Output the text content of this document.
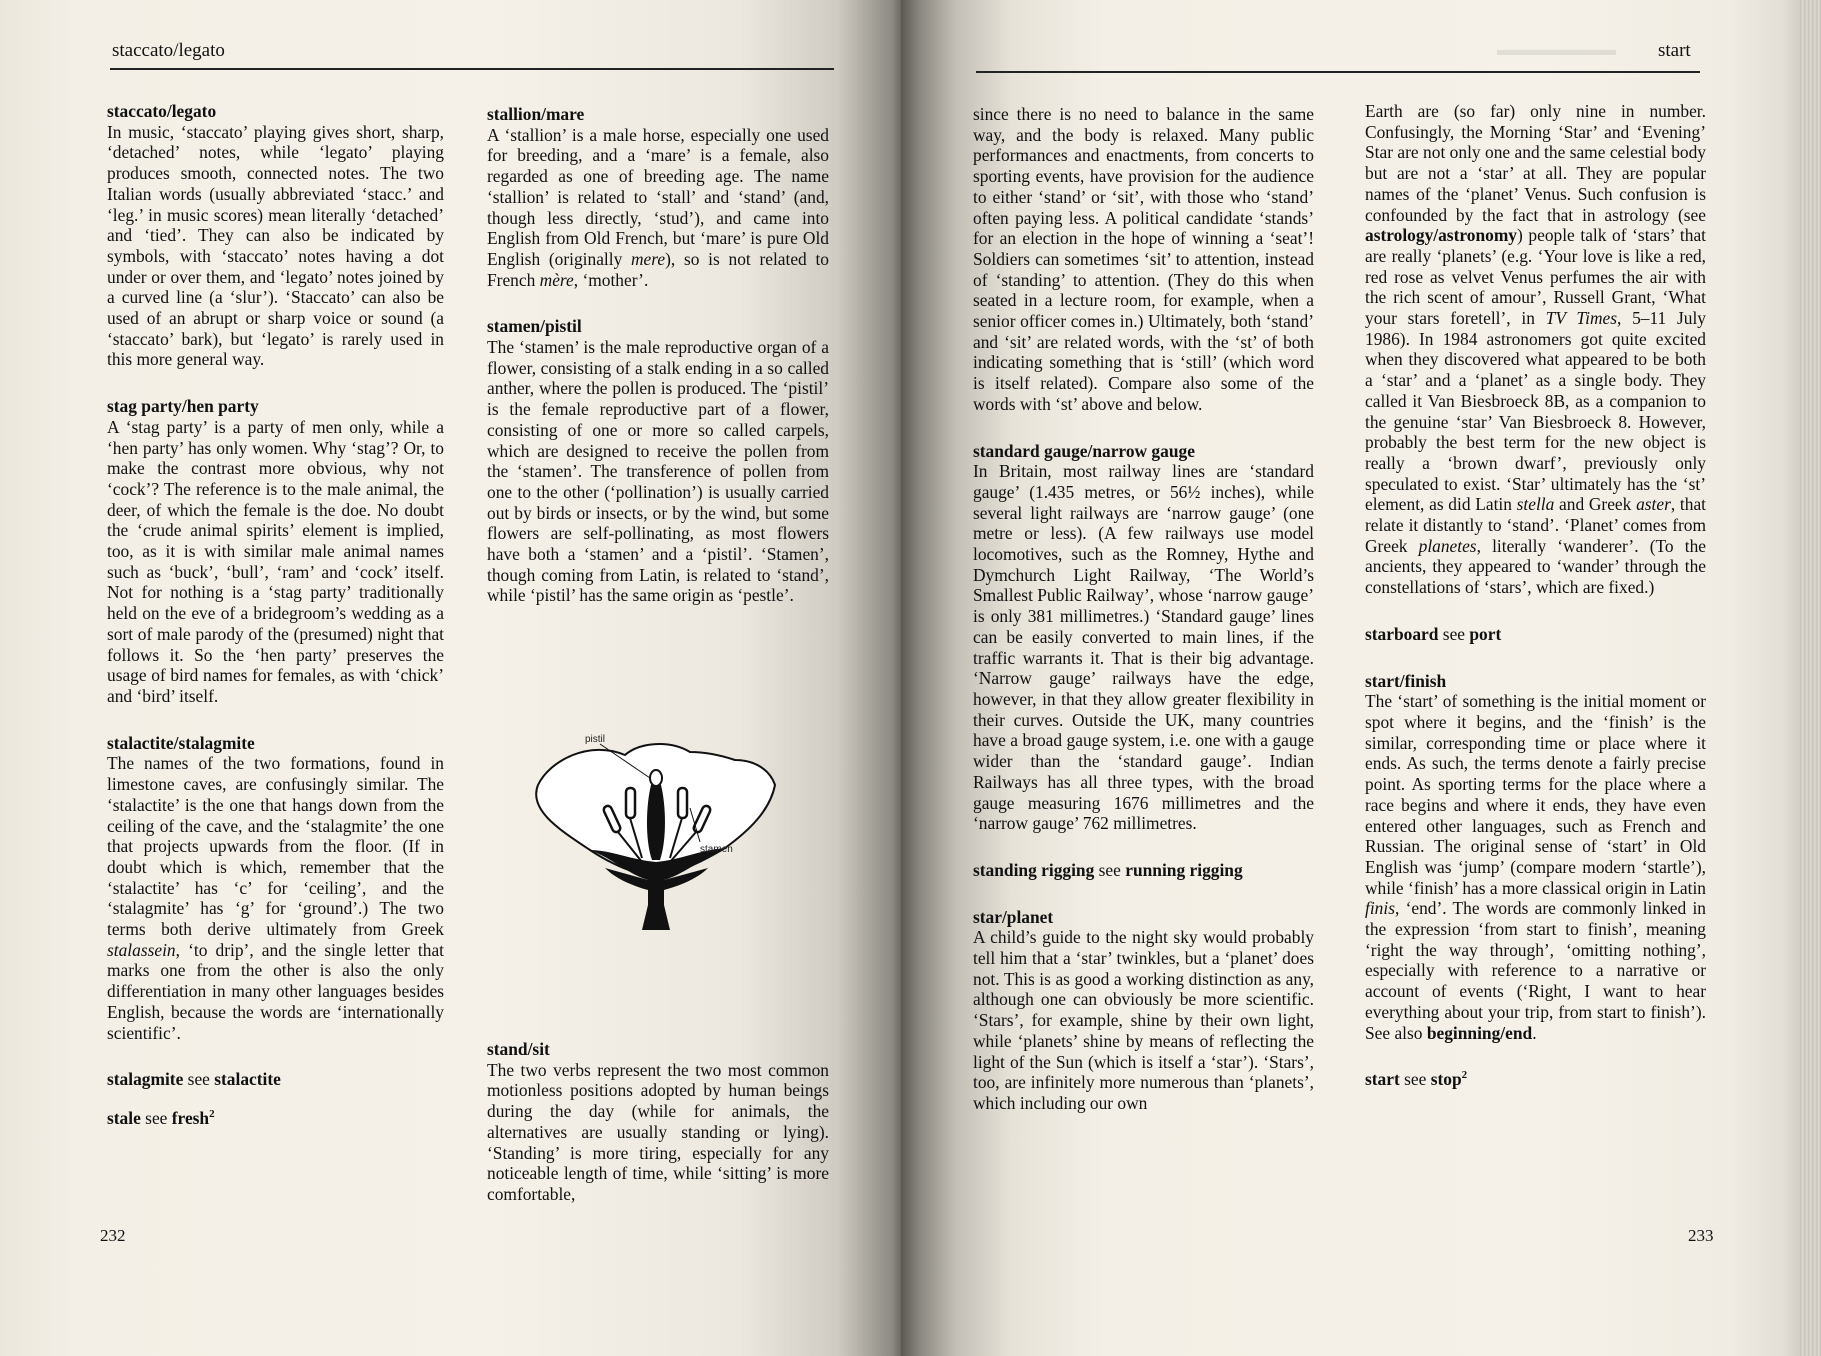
staccato/legato
staccato/legato
In music, ‘staccato’ playing gives short, sharp, ‘detached’ notes, while ‘legato’ playing produces smooth, connected notes. The two Italian words (usually abbreviated ‘stacc.’ and ‘leg.’ in music scores) mean literally ‘detached’ and ‘tied’. They can also be indicated by symbols, with ‘staccato’ notes having a dot under or over them, and ‘legato’ notes joined by a curved line (a ‘slur’). ‘Staccato’ can also be used of an abrupt or sharp voice or sound (a ‘staccato’ bark), but ‘legato’ is rarely used in this more general way.
stag party/hen party
A ‘stag party’ is a party of men only, while a ‘hen party’ has only women. Why ‘stag’? Or, to make the contrast more obvious, why not ‘cock’? The reference is to the male animal, the deer, of which the female is the doe. No doubt the ‘crude animal spirits’ element is implied, too, as it is with similar male animal names such as ‘buck’, ‘bull’, ‘ram’ and ‘cock’ itself. Not for nothing is a ‘stag party’ traditionally held on the eve of a bridegroom’s wedding as a sort of male parody of the (presumed) night that follows it. So the ‘hen party’ preserves the usage of bird names for females, as with ‘chick’ and ‘bird’ itself.
stalactite/stalagmite
The names of the two formations, found in limestone caves, are confusingly similar. The ‘stalactite’ is the one that hangs down from the ceiling of the cave, and the ‘stalagmite’ the one that projects upwards from the floor. (If in doubt which is which, remember that the ‘stalactite’ has ‘c’ for ‘ceiling’, and the ‘stalagmite’ has ‘g’ for ‘ground’.) The two terms both derive ultimately from Greek stalassein, ‘to drip’, and the single letter that marks one from the other is also the only differentiation in many other languages besides English, because the words are ‘internationally scientific’.
stalagmite see stalactite
stale see fresh$^2$
stallion/mare
A ‘stallion’ is a male horse, especially one used for breeding, and a ‘mare’ is a female, also regarded as one of breeding age. The name ‘stallion’ is related to ‘stall’ and ‘stand’ (and, though less directly, ‘stud’), and came into English from Old French, but ‘mare’ is pure Old English (originally mere), so is not related to French mère, ‘mother’.
stamen/pistil
The ‘stamen’ is the male reproductive organ of a flower, consisting of a stalk ending in a so called anther, where the pollen is produced. The ‘pistil’ is the female reproductive part of a flower, consisting of one or more so called carpels, which are designed to receive the pollen from the ‘stamen’. The transference of pollen from one to the other (‘pollination’) is usually carried out by birds or insects, or by the wind, but some flowers are self-pollinating, as most flowers have both a ‘stamen’ and a ‘pistil’. ‘Stamen’, though coming from Latin, is related to ‘stand’, while ‘pistil’ has the same origin as ‘pestle’.
stand/sit
The two verbs represent the two most common motionless positions adopted by human beings during the day (while for animals, the alternatives are usually standing or lying). ‘Standing’ is more tiring, especially for any noticeable length of time, while ‘sitting’ is more comfortable,
pistil
stamen
232
▬▬▬▬▬▬▬ start
since there is no need to balance in the same way, and the body is relaxed. Many public performances and enactments, from concerts to sporting events, have provision for the audience to either ‘stand’ or ‘sit’, with those who ‘stand’ often paying less. A political candidate ‘stands’ for an election in the hope of winning a ‘seat’! Soldiers can sometimes ‘sit’ to attention, instead of ‘standing’ to attention. (They do this when seated in a lecture room, for example, when a senior officer comes in.) Ultimately, both ‘stand’ and ‘sit’ are related words, with the ‘st’ of both indicating something that is ‘still’ (which word is itself related). Compare also some of the words with ‘st’ above and below.
standard gauge/narrow gauge
In Britain, most railway lines are ‘standard gauge’ (1.435 metres, or 56½ inches), while several light railways are ‘narrow gauge’ (one metre or less). (A few railways use model locomotives, such as the Romney, Hythe and Dymchurch Light Railway, ‘The World’s Smallest Public Railway’, whose ‘narrow gauge’ is only 381 millimetres.) ‘Standard gauge’ lines can be easily converted to main lines, if the traffic warrants it. That is their big advantage. ‘Narrow gauge’ railways have the edge, however, in that they allow greater flexibility in their curves. Outside the UK, many countries have a broad gauge system, i.e. one with a gauge wider than the ‘standard gauge’. Indian Railways has all three types, with the broad gauge measuring 1676 millimetres and the ‘narrow gauge’ 762 millimetres.
standing rigging see running rigging
star/planet
A child’s guide to the night sky would probably tell him that a ‘star’ twinkles, but a ‘planet’ does not. This is as good a working distinction as any, although one can obviously be more scientific. ‘Stars’, for example, shine by their own light, while ‘planets’ shine by means of reflecting the light of the Sun (which is itself a ‘star’). ‘Stars’, too, are infinitely more numerous than ‘planets’, which including our own
Earth are (so far) only nine in number. Confusingly, the Morning ‘Star’ and ‘Evening’ Star are not only one and the same celestial body but are not a ‘star’ at all. They are popular names of the ‘planet’ Venus. Such confusion is confounded by the fact that in astrology (see astrology/astronomy) people talk of ‘stars’ that are really ‘planets’ (e.g. ‘Your love is like a red, red rose as velvet Venus perfumes the air with the rich scent of amour’, Russell Grant, ‘What your stars foretell’, in TV Times, 5–11 July 1986). In 1984 astronomers got quite excited when they discovered what appeared to be both a ‘star’ and a ‘planet’ as a single body. They called it Van Biesbroeck 8B, as a companion to the genuine ‘star’ Van Biesbroeck 8. However, probably the best term for the new object is really a ‘brown dwarf’, previously only speculated to exist. ‘Star’ ultimately has the ‘st’ element, as did Latin stella and Greek aster, that relate it distantly to ‘stand’. ‘Planet’ comes from Greek planetes, literally ‘wanderer’. (To the ancients, they appeared to ‘wander’ through the constellations of ‘stars’, which are fixed.)
starboard see port
start/finish
The ‘start’ of something is the initial moment or spot where it begins, and the ‘finish’ is the similar, corresponding time or place where it ends. As such, the terms denote a fairly precise point. As sporting terms for the place where a race begins and where it ends, they have even entered other languages, such as French and Russian. The original sense of ‘start’ in Old English was ‘jump’ (compare modern ‘startle’), while ‘finish’ has a more classical origin in Latin finis, ‘end’. The words are commonly linked in the expression ‘from start to finish’, meaning ‘right the way through’, ‘omitting nothing’, especially with reference to a narrative or account of events (‘Right, I want to hear everything about your trip, from start to finish’). See also beginning/end.
start see stop$^2$
233
